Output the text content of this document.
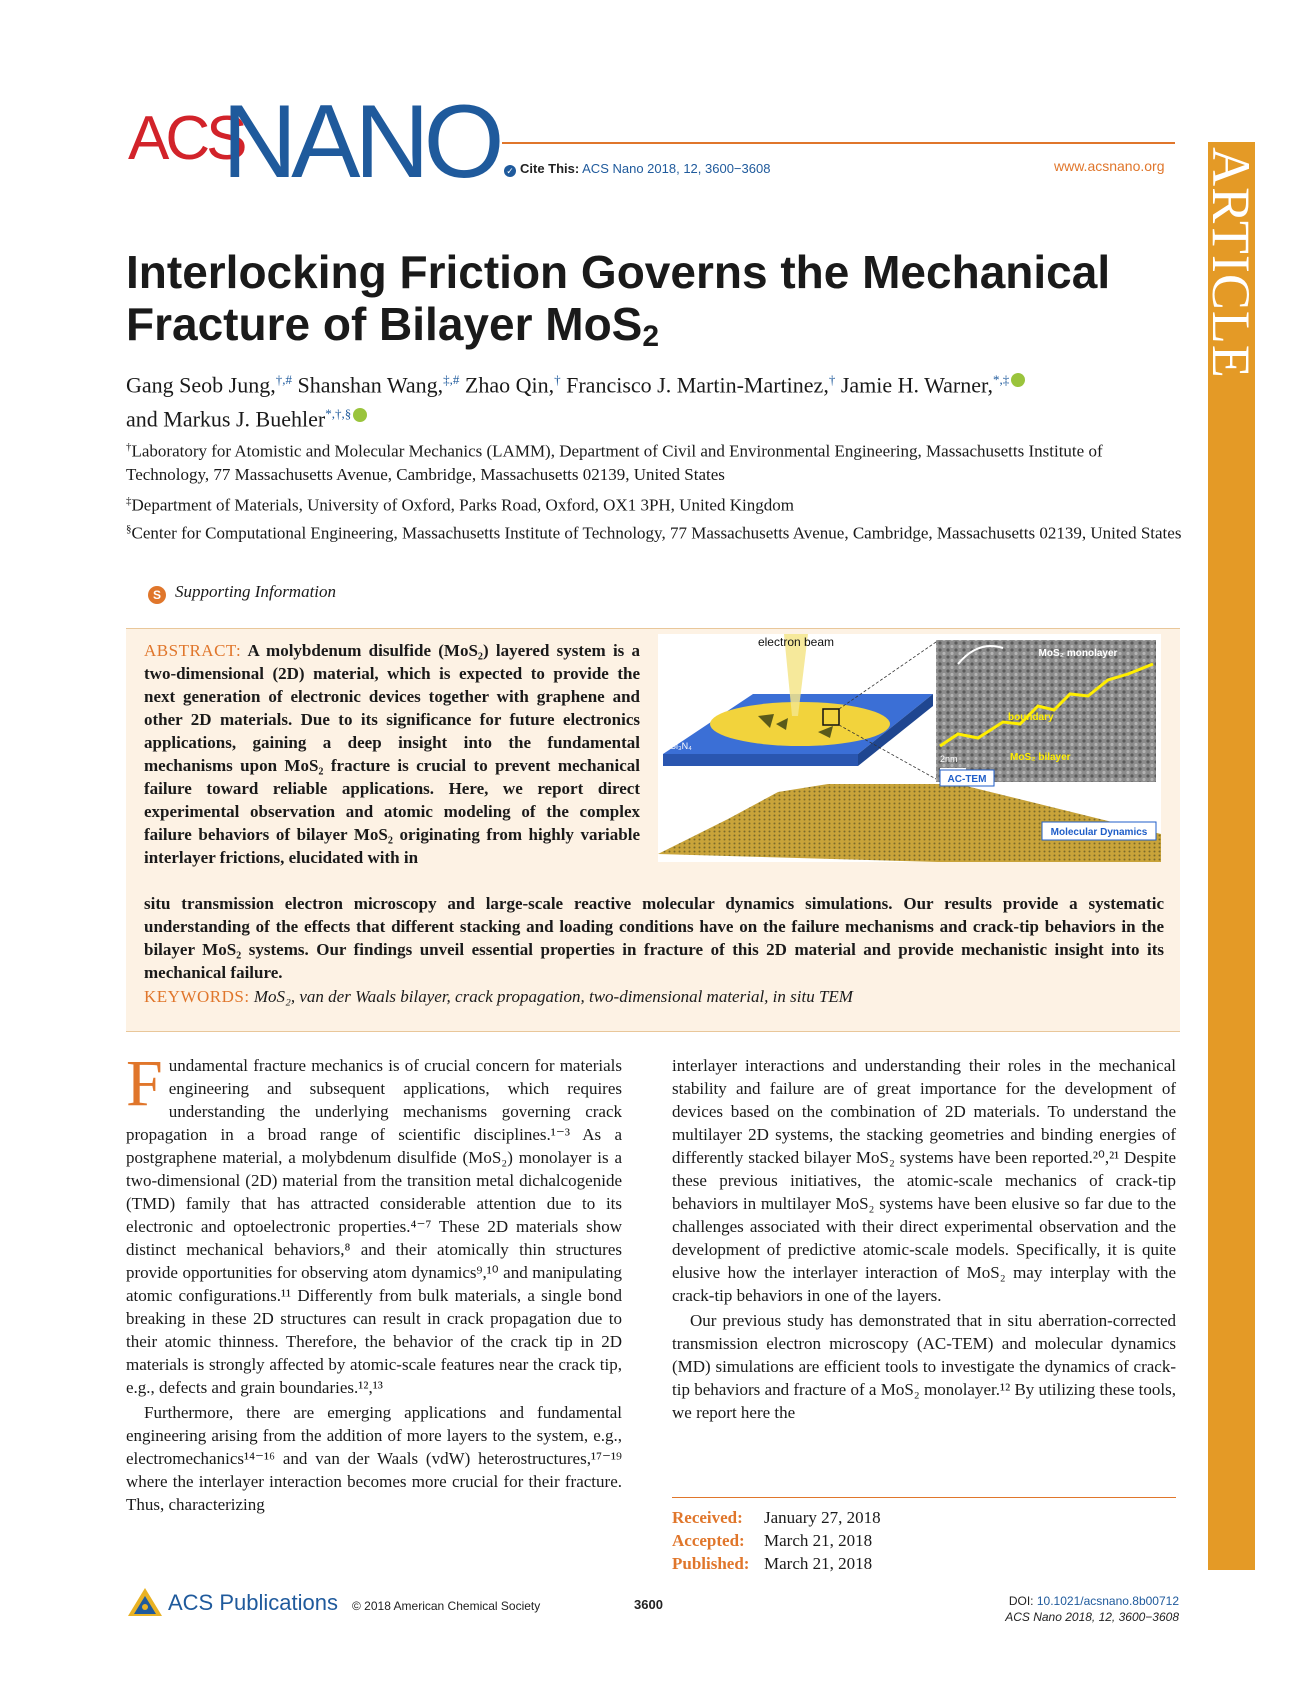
ACS
NANO ✓ Cite This: ACS Nano 2018, 12, 3600−3608	www.acsnano.org ARTICLE
Interlocking Friction Governs the Mechanical Fracture of Bilayer MoS$_2$
Gang Seob Jung,†,# Shanshan Wang,‡,# Zhao Qin,† Francisco J. Martin-Martinez,† Jamie H. Warner,*,‡
and Markus J. Buehler*,†,§
†Laboratory for Atomistic and Molecular Mechanics (LAMM), Department of Civil and Environmental Engineering, Massachusetts Institute of Technology, 77 Massachusetts Avenue, Cambridge, Massachusetts 02139, United States
‡Department of Materials, University of Oxford, Parks Road, Oxford, OX1 3PH, United Kingdom
§Center for Computational Engineering, Massachusetts Institute of Technology, 77 Massachusetts Avenue, Cambridge, Massachusetts 02139, United States
S Supporting Information
ABSTRACT: A molybdenum disulfide (MoS₂) layered system is a two-dimensional (2D) material, which is expected to provide the next generation of electronic devices together with graphene and other 2D materials. Due to its significance for future electronics applications, gaining a deep insight into the fundamental mechanisms upon MoS₂ fracture is crucial to prevent mechanical failure toward reliable applications. Here, we report direct experimental observation and atomic modeling of the complex failure behaviors of bilayer MoS₂ originating from highly variable interlayer frictions, elucidated with in
situ transmission electron microscopy and large-scale reactive molecular dynamics simulations. Our results provide a systematic understanding of the effects that different stacking and loading conditions have on the failure mechanisms and crack-tip behaviors in the bilayer MoS₂ systems. Our findings unveil essential properties in fracture of this 2D material and provide mechanistic insight into its mechanical failure.
KEYWORDS: MoS₂, van der Waals bilayer, crack propagation, two-dimensional material, in situ TEM
electron beam
Si₃N₄
MoS₂ monolayer
boundary
2nm	MoS₂ bilayer
AC-TEM
Molecular Dynamics

Fundamental fracture mechanics is of crucial concern for materials engineering and subsequent applications, which requires understanding the underlying mechanisms governing crack propagation in a broad range of scientific disciplines.¹⁻³ As a postgraphene material, a molybdenum disulfide (MoS₂) monolayer is a two-dimensional (2D) material from the transition metal dichalcogenide (TMD) family that has attracted considerable attention due to its electronic and optoelectronic properties.⁴⁻⁷ These 2D materials show distinct mechanical behaviors,⁸ and their atomically thin structures provide opportunities for observing atom dynamics⁹,¹⁰ and manipulating atomic configurations.¹¹ Differently from bulk materials, a single bond breaking in these 2D structures can result in crack propagation due to their atomic thinness. Therefore, the behavior of the crack tip in 2D materials is strongly affected by atomic-scale features near the crack tip, e.g., defects and grain boundaries.¹²,¹³

Furthermore, there are emerging applications and fundamental engineering arising from the addition of more layers to the system, e.g., electromechanics¹⁴⁻¹⁶ and van der Waals (vdW) heterostructures,¹⁷⁻¹⁹ where the interlayer interaction becomes more crucial for their fracture. Thus, characterizing

interlayer interactions and understanding their roles in the mechanical stability and failure are of great importance for the development of devices based on the combination of 2D materials. To understand the multilayer 2D systems, the stacking geometries and binding energies of differently stacked bilayer MoS₂ systems have been reported.²⁰,²¹ Despite these previous initiatives, the atomic-scale mechanics of crack-tip behaviors in multilayer MoS₂ systems have been elusive so far due to the challenges associated with their direct experimental observation and the development of predictive atomic-scale models. Specifically, it is quite elusive how the interlayer interaction of MoS₂ may interplay with the crack-tip behaviors in one of the layers.

Our previous study has demonstrated that in situ aberration-corrected transmission electron microscopy (AC-TEM) and molecular dynamics (MD) simulations are efficient tools to investigate the dynamics of crack-tip behaviors and fracture of a MoS₂ monolayer.¹² By utilizing these tools, we report here the

Received: January 27, 2018
Accepted: March 21, 2018
Published: March 21, 2018
ACS Publications © 2018 American Chemical Society	3600	DOI: 10.1021/acsnano.8b00712
ACS Nano 2018, 12, 3600−3608
